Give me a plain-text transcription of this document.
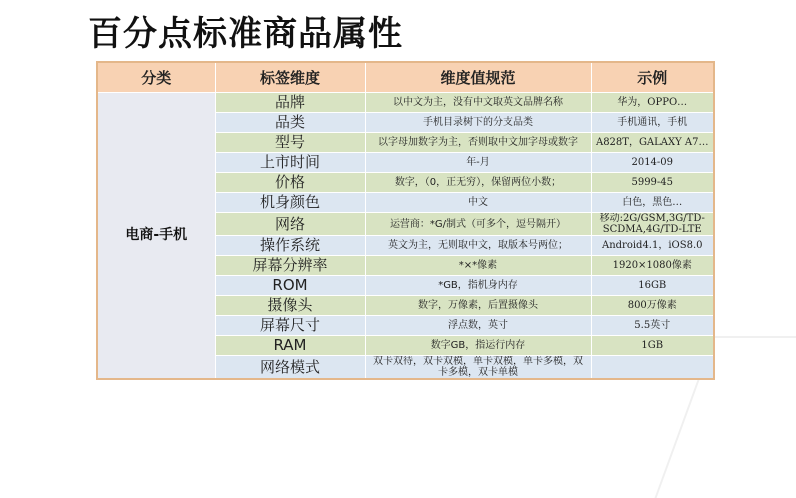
百分点标准商品属性
分类	标签维度	维度值规范	示例
电商-手机	品牌	以中文为主，没有中文取英文品牌名称	华为，OPPO…
	品类	手机目录树下的分支品类	手机通讯，手机
	型号	以字母加数字为主，否则取中文加字母或数字	A828T，GALAXY A7…
	上市时间	年-月	2014-09
	价格	数字，（0，正无穷），保留两位小数；	5999-45
	机身颜色	中文	白色，黑色…
	网络	运营商：*G/制式（可多个，逗号隔开）	移动:2G/GSM,3G/TD-SCDMA,4G/TD-LTE
	操作系统	英文为主，无则取中文，取版本号两位；	Android4.1，iOS8.0
	屏幕分辨率	*×*像素	1920×1080像素
	ROM	*GB，指机身内存	16GB
	摄像头	数字，万像素，后置摄像头	800万像素
	屏幕尺寸	浮点数，英寸	5.5英寸
	RAM	数字GB，指运行内存	1GB
	网络模式	双卡双待，双卡双模，单卡双模，单卡多模，双卡多模，双卡单模	
